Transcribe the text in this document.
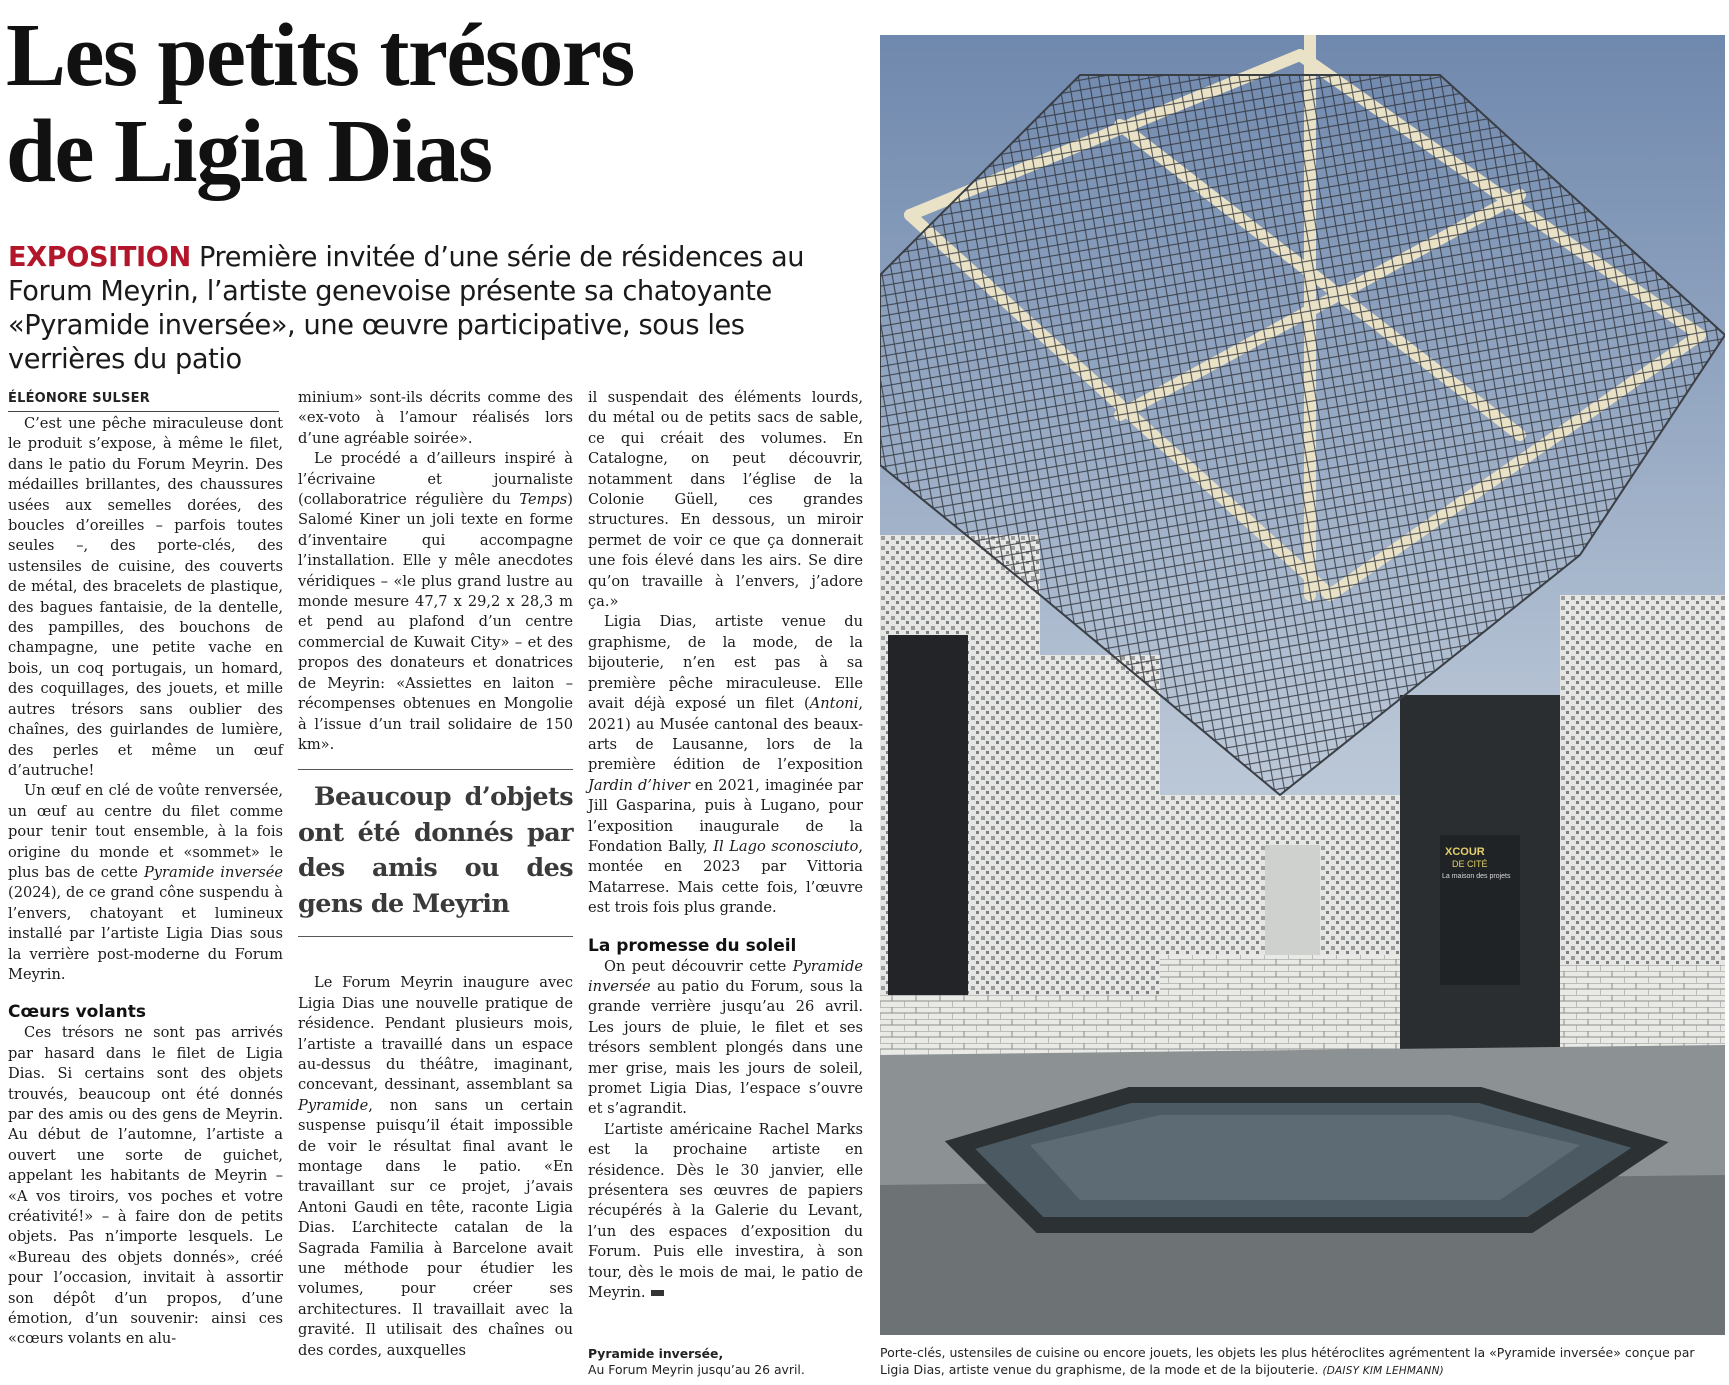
Les petits trésors
de Ligia Dias
EXPOSITION Première invitée d’une série de résidences au Forum Meyrin, l’artiste genevoise présente sa chatoyante «Pyramide inversée», une œuvre participative, sous les verrières du patio
ÉLÉONORE SULSER

C’est une pêche miraculeuse dont le produit s’expose, à même le filet, dans le patio du Forum Meyrin. Des médailles brillantes, des chaussures usées aux semelles dorées, des boucles d’oreilles – parfois toutes seules –, des porte-clés, des ustensiles de cuisine, des couverts de métal, des bracelets de plastique, des bagues fantaisie, de la dentelle, des pampilles, des bouchons de champagne, une petite vache en bois, un coq portugais, un homard, des coquillages, des jouets, et mille autres trésors sans oublier des chaînes, des guirlandes de lumière, des perles et même un œuf d’autruche!

Un œuf en clé de voûte renversée, un œuf au centre du filet comme pour tenir tout ensemble, à la fois origine du monde et «sommet» le plus bas de cette Pyramide inversée (2024), de ce grand cône suspendu à l’envers, chatoyant et lumineux installé par l’artiste Ligia Dias sous la verrière post-moderne du Forum Meyrin.

Cœurs volants

Ces trésors ne sont pas arrivés par hasard dans le filet de Ligia Dias. Si certains sont des objets trouvés, beaucoup ont été donnés par des amis ou des gens de Meyrin. Au début de l’automne, l’artiste a ouvert une sorte de guichet, appelant les habitants de Meyrin – «A vos tiroirs, vos poches et votre créativité!» – à faire don de petits objets. Pas n’importe lesquels. Le «Bureau des objets donnés», créé pour l’occasion, invitait à assortir son dépôt d’un propos, d’une émotion, d’un souvenir: ainsi ces «cœurs volants en alu-

minium» sont-ils décrits comme des «ex-voto à l’amour réalisés lors d’une agréable soirée».

Le procédé a d’ailleurs inspiré à l’écrivaine et journaliste (collaboratrice régulière du Temps) Salomé Kiner un joli texte en forme d’inventaire qui accompagne l’installation. Elle y mêle anecdotes véridiques – «le plus grand lustre au monde mesure 47,7 x 29,2 x 28,3 m et pend au plafond d’un centre commercial de Kuwait City» – et des propos des donateurs et donatrices de Meyrin: «Assiettes en laiton – récompenses obtenues en Mongolie à l’issue d’un trail solidaire de 150 km».

Beaucoup d’objets ont été donnés par des amis ou des gens de Meyrin

Le Forum Meyrin inaugure avec Ligia Dias une nouvelle pratique de résidence. Pendant plusieurs mois, l’artiste a travaillé dans un espace au-dessus du théâtre, imaginant, concevant, dessinant, assemblant sa Pyramide, non sans un certain suspense puisqu’il était impossible de voir le résultat final avant le montage dans le patio. «En travaillant sur ce projet, j’avais Antoni Gaudi en tête, raconte Ligia Dias. L’architecte catalan de la Sagrada Familia à Barcelone avait une méthode pour étudier les volumes, pour créer ses architectures. Il travaillait avec la gravité. Il utilisait des chaînes ou des cordes, auxquelles

il suspendait des éléments lourds, du métal ou de petits sacs de sable, ce qui créait des volumes. En Catalogne, on peut découvrir, notamment dans l’église de la Colonie Güell, ces grandes structures. En dessous, un miroir permet de voir ce que ça donnerait une fois élevé dans les airs. Se dire qu’on travaille à l’envers, j’adore ça.»

Ligia Dias, artiste venue du graphisme, de la mode, de la bijouterie, n’en est pas à sa première pêche miraculeuse. Elle avait déjà exposé un filet (Antoni, 2021) au Musée cantonal des beaux-arts de Lausanne, lors de la première édition de l’exposition Jardin d’hiver en 2021, imaginée par Jill Gasparina, puis à Lugano, pour l’exposition inaugurale de la Fondation Bally, Il Lago sconosciuto, montée en 2023 par Vittoria Matarrese. Mais cette fois, l’œuvre est trois fois plus grande.

La promesse du soleil

On peut découvrir cette Pyramide inversée au patio du Forum, sous la grande verrière jusqu’au 26 avril. Les jours de pluie, le filet et ses trésors semblent plongés dans une mer grise, mais les jours de soleil, promet Ligia Dias, l’espace s’ouvre et s’agrandit.

L’artiste américaine Rachel Marks est la prochaine artiste en résidence. Dès le 30 janvier, elle présentera ses œuvres de papiers récupérés à la Galerie du Levant, l’un des espaces d’exposition du Forum. Puis elle investira, à son tour, dès le mois de mai, le patio de Meyrin.

Pyramide inversée,
Au Forum Meyrin jusqu’au 26 avril.
XCOUR
DE CITÉ
La maison des projets
Porte-clés, ustensiles de cuisine ou encore jouets, les objets les plus hétéroclites agrémentent la «Pyramide inversée» conçue par Ligia Dias, artiste venue du graphisme, de la mode et de la bijouterie. (DAISY KIM LEHMANN)
